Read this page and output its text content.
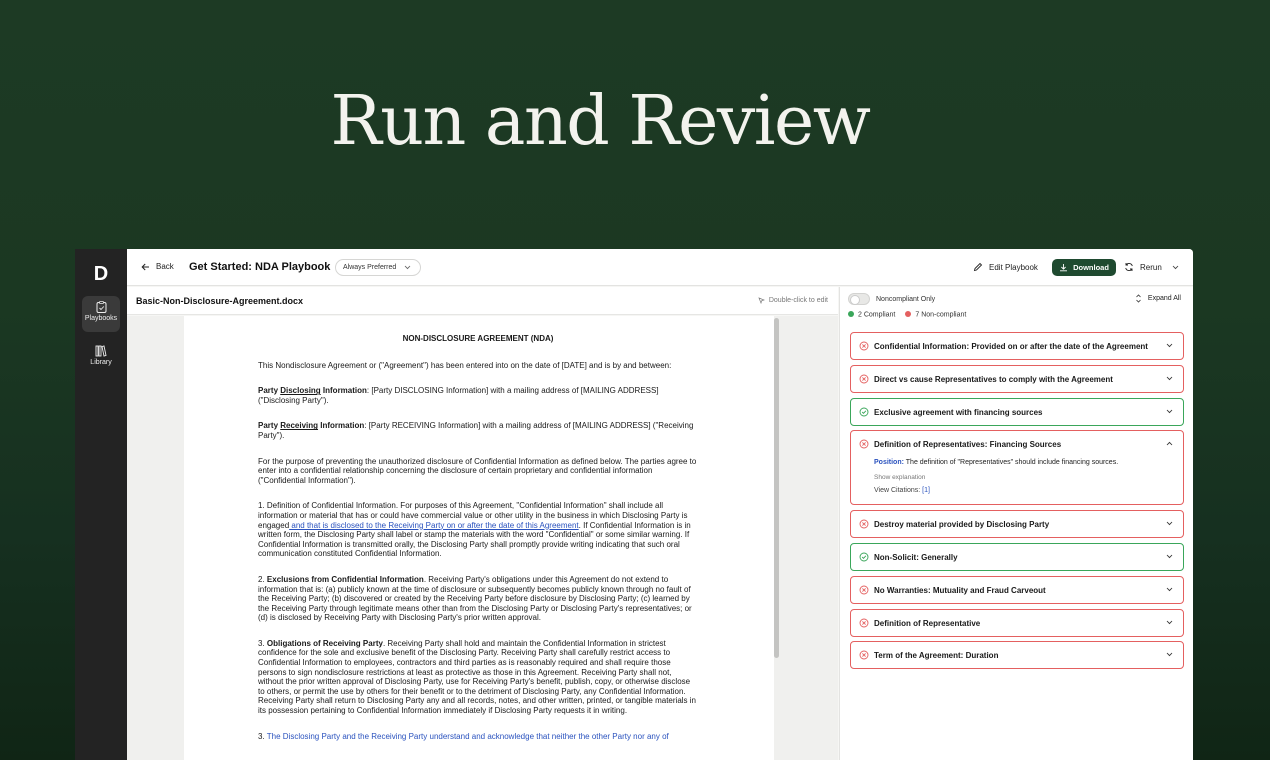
Run and Review
D
Playbooks
Library
Back Get Started: NDA Playbook Always Preferred	Edit Playbook	Download	Rerun
Basic-Non-Disclosure-Agreement.docx	Double-click to edit
NON-DISCLOSURE AGREEMENT (NDA)

This Nondisclosure Agreement or ("Agreement") has been entered into on the date of [DATE] and is by and between:

Party Disclosing Information: [Party DISCLOSING Information] with a mailing address of [MAILING ADDRESS] ("Disclosing Party").

Party Receiving Information: [Party RECEIVING Information] with a mailing address of [MAILING ADDRESS] ("Receiving Party").

For the purpose of preventing the unauthorized disclosure of Confidential Information as defined below. The parties agree to enter into a confidential relationship concerning the disclosure of certain proprietary and confidential information ("Confidential Information").

1. Definition of Confidential Information. For purposes of this Agreement, "Confidential Information" shall include all information or material that has or could have commercial value or other utility in the business in which Disclosing Party is engaged and that is disclosed to the Receiving Party on or after the date of this Agreement. If Confidential Information is in written form, the Disclosing Party shall label or stamp the materials with the word "Confidential" or some similar warning. If Confidential Information is transmitted orally, the Disclosing Party shall promptly provide writing indicating that such oral communication constituted Confidential Information.

2. Exclusions from Confidential Information. Receiving Party's obligations under this Agreement do not extend to information that is: (a) publicly known at the time of disclosure or subsequently becomes publicly known through no fault of the Receiving Party; (b) discovered or created by the Receiving Party before disclosure by Disclosing Party; (c) learned by the Receiving Party through legitimate means other than from the Disclosing Party or Disclosing Party's representatives; or (d) is disclosed by Receiving Party with Disclosing Party's prior written approval.

3. Obligations of Receiving Party. Receiving Party shall hold and maintain the Confidential Information in strictest confidence for the sole and exclusive benefit of the Disclosing Party. Receiving Party shall carefully restrict access to Confidential Information to employees, contractors and third parties as is reasonably required and shall require those persons to sign nondisclosure restrictions at least as protective as those in this Agreement. Receiving Party shall not, without the prior written approval of Disclosing Party, use for Receiving Party's benefit, publish, copy, or otherwise disclose to others, or permit the use by others for their benefit or to the detriment of Disclosing Party, any Confidential Information. Receiving Party shall return to Disclosing Party any and all records, notes, and other written, printed, or tangible materials in its possession pertaining to Confidential Information immediately if Disclosing Party requests it in writing.

3. The Disclosing Party and the Receiving Party understand and acknowledge that neither the other Party nor any of

Noncompliant Only	Expand All
2 Compliant	7 Non-compliant
Confidential Information: Provided on or after the date of the Agreement
Direct vs cause Representatives to comply with the Agreement
Exclusive agreement with financing sources
Definition of Representatives: Financing Sources
Position: The definition of "Representatives" should include financing sources.
Show explanation
View Citations: [1]
Destroy material provided by Disclosing Party
Non-Solicit: Generally
No Warranties: Mutuality and Fraud Carveout
Definition of Representative
Term of the Agreement: Duration
